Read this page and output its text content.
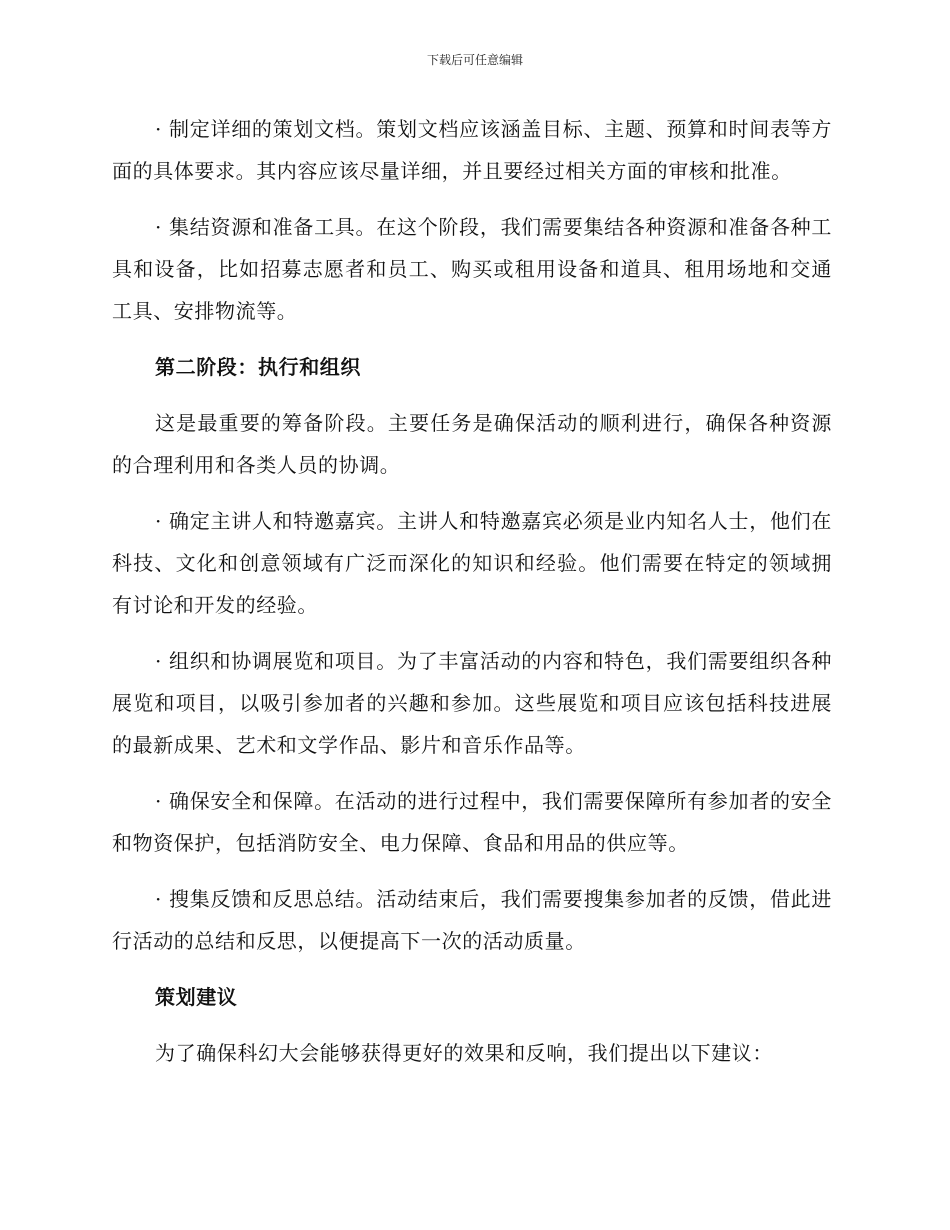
下载后可任意编辑

· 制定详细的策划文档。策划文档应该涵盖目标、主题、预算和时间表等方面的具体要求。其内容应该尽量详细，并且要经过相关方面的审核和批准。

· 集结资源和准备工具。在这个阶段，我们需要集结各种资源和准备各种工具和设备，比如招募志愿者和员工、购买或租用设备和道具、租用场地和交通工具、安排物流等。

第二阶段：执行和组织

这是最重要的筹备阶段。主要任务是确保活动的顺利进行，确保各种资源的合理利用和各类人员的协调。

· 确定主讲人和特邀嘉宾。主讲人和特邀嘉宾必须是业内知名人士，他们在科技、文化和创意领域有广泛而深化的知识和经验。他们需要在特定的领域拥有讨论和开发的经验。

· 组织和协调展览和项目。为了丰富活动的内容和特色，我们需要组织各种展览和项目，以吸引参加者的兴趣和参加。这些展览和项目应该包括科技进展的最新成果、艺术和文学作品、影片和音乐作品等。

· 确保安全和保障。在活动的进行过程中，我们需要保障所有参加者的安全和物资保护，包括消防安全、电力保障、食品和用品的供应等。

· 搜集反馈和反思总结。活动结束后，我们需要搜集参加者的反馈，借此进行活动的总结和反思，以便提高下一次的活动质量。

策划建议

为了确保科幻大会能够获得更好的效果和反响，我们提出以下建议：
